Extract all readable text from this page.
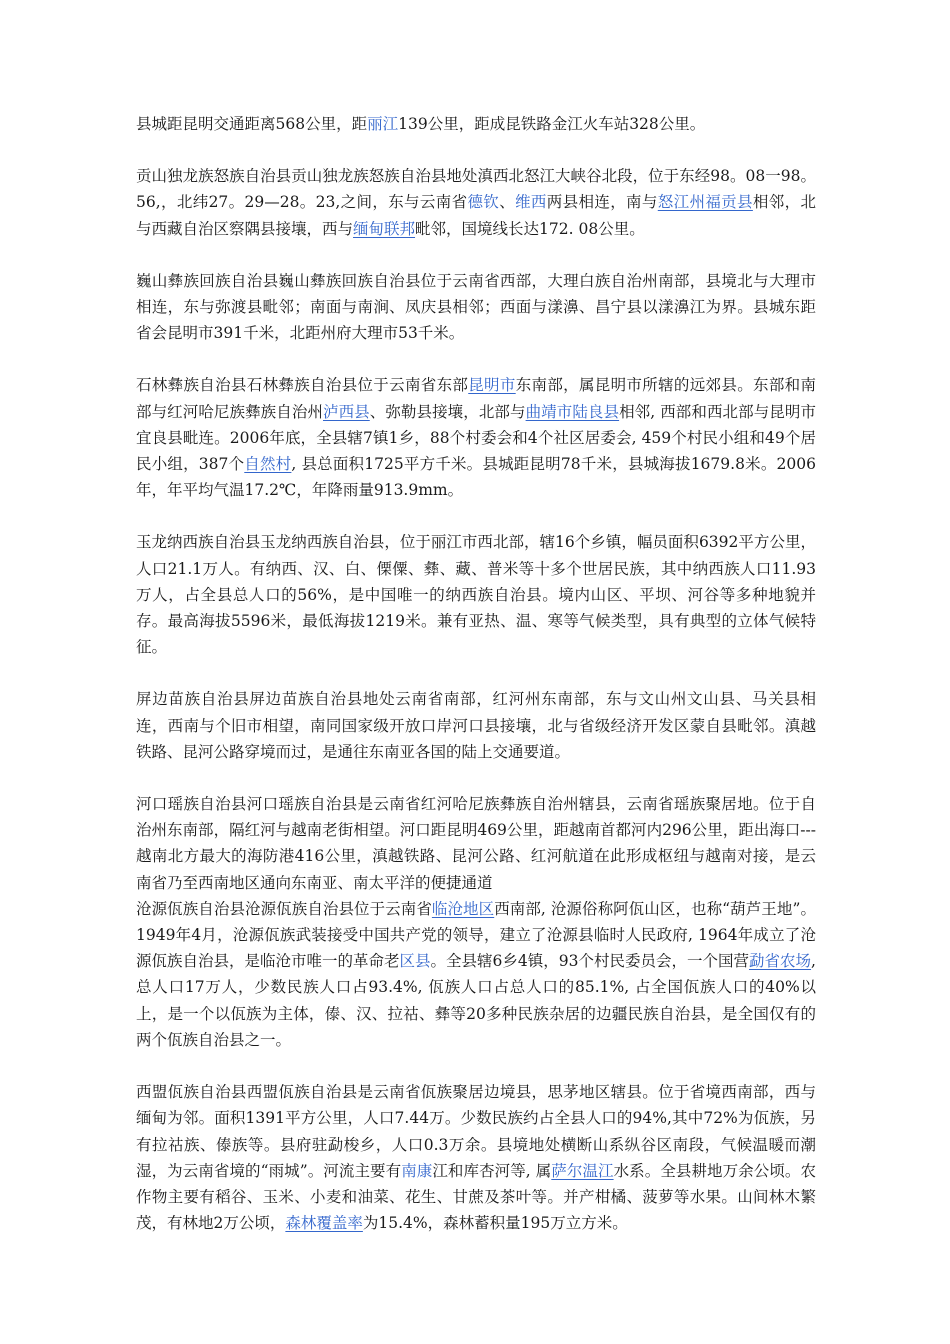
县城距昆明交通距离568公里，距丽江139公里，距成昆铁路金江火车站328公里。

贡山独龙族怒族自治县贡山独龙族怒族自治县地处滇西北怒江大峡谷北段，位于东经98。08一98。56,，北纬27。29—28。23,之间，东与云南省德钦、维西两县相连，南与怒江州福贡县相邻，北与西藏自治区察隅县接壤，西与缅甸联邦毗邻，国境线长达172. 08公里。

巍山彝族回族自治县巍山彝族回族自治县位于云南省西部，大理白族自治州南部，县境北与大理市相连，东与弥渡县毗邻；南面与南涧、凤庆县相邻；西面与漾濞、昌宁县以漾濞江为界。县城东距省会昆明市391千米，北距州府大理市53千米。

石林彝族自治县石林彝族自治县位于云南省东部昆明市东南部，属昆明市所辖的远郊县。东部和南部与红河哈尼族彝族自治州泸西县、弥勒县接壤，北部与曲靖市陆良县相邻, 西部和西北部与昆明市宜良县毗连。2006年底，全县辖7镇1乡，88个村委会和4个社区居委会, 459个村民小组和49个居民小组，387个自然村, 县总面积1725平方千米。县城距昆明78千米，县城海拔1679.8米。2006年，年平均气温17.2℃，年降雨量913.9mm。

玉龙纳西族自治县玉龙纳西族自治县，位于丽江市西北部，辖16个乡镇，幅员面积6392平方公里，人口21.1万人。有纳西、汉、白、傈僳、彝、藏、普米等十多个世居民族，其中纳西族人口11.93万人，占全县总人口的56%，是中国唯一的纳西族自治县。境内山区、平坝、河谷等多种地貌并存。最高海拔5596米，最低海拔1219米。兼有亚热、温、寒等气候类型，具有典型的立体气候特征。

屏边苗族自治县屏边苗族自治县地处云南省南部，红河州东南部，东与文山州文山县、马关县相连，西南与个旧市相望，南同国家级开放口岸河口县接壤，北与省级经济开发区蒙自县毗邻。滇越铁路、昆河公路穿境而过，是通往东南亚各国的陆上交通要道。

河口瑶族自治县河口瑶族自治县是云南省红河哈尼族彝族自治州辖县，云南省瑶族聚居地。位于自治州东南部，隔红河与越南老街相望。河口距昆明469公里，距越南首都河内296公里，距出海口---越南北方最大的海防港416公里，滇越铁路、昆河公路、红河航道在此形成枢纽与越南对接，是云南省乃至西南地区通向东南亚、南太平洋的便捷通道

沧源佤族自治县沧源佤族自治县位于云南省临沧地区西南部, 沧源俗称阿佤山区，也称“葫芦王地”。1949年4月，沧源佤族武装接受中国共产党的领导，建立了沧源县临时人民政府, 1964年成立了沧源佤族自治县，是临沧市唯一的革命老区县。全县辖6乡4镇，93个村民委员会，一个国营勐省农场, 总人口17万人，少数民族人口占93.4%, 佤族人口占总人口的85.1%, 占全国佤族人口的40%以上，是一个以佤族为主体，傣、汉、拉祜、彝等20多种民族杂居的边疆民族自治县，是全国仅有的两个佤族自治县之一。

西盟佤族自治县西盟佤族自治县是云南省佤族聚居边境县，思茅地区辖县。位于省境西南部，西与缅甸为邻。面积1391平方公里，人口7.44万。少数民族约占全县人口的94%,其中72%为佤族，另有拉祜族、傣族等。县府驻勐梭乡，人口0.3万余。县境地处横断山系纵谷区南段，气候温暖而潮湿，为云南省境的“雨城”。河流主要有南康江和库杏河等, 属萨尔温江水系。全县耕地万余公顷。农作物主要有稻谷、玉米、小麦和油菜、花生、甘蔗及茶叶等。并产柑橘、菠萝等水果。山间林木繁茂，有林地2万公顷，森林覆盖率为15.4%，森林蓄积量195万立方米。
